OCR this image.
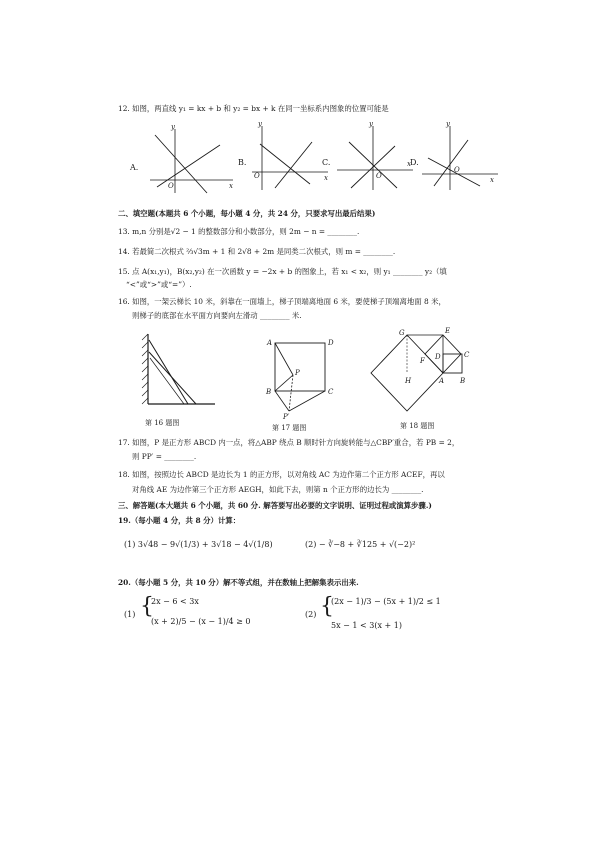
12. 如图，两直线 y₁ = kx + b 和 y₂ = bx + k 在同一坐标系内图象的位置可能是
A.
B.	C.	D.
y
x
O
y
x
O
y
x
O
y
x
O
二、填空题(本题共 6 个小题，每小题 4 分，共 24 分，只要求写出最后结果)
13. m,n 分别是√2 − 1 的整数部分和小数部分，则 2m − n = ________.
14. 若最简二次根式 ²⁄₃√3m + 1 和 2√8 + 2m 是同类二次根式，则 m = ________.
15. 点 A(x₁,y₁)，B(x₂,y₂) 在一次函数 y = −2x + b 的图象上，若 x₁ < x₂，则 y₁ ________ y₂（填
“<”或“>”或“=”）.
16. 如图，一架云梯长 10 米，斜靠在一面墙上，梯子顶端离地面 6 米，要使梯子顶端离地面 8 米，
则梯子的底部在水平面方向要向左滑动 ________ 米.
第 16 题图
A	D
B	C
P
P′
第 17 题图
G	E
F D	C
H	A B
第 18 题图
17. 如图，P 是正方形 ABCD 内一点，将△ABP 绕点 B 顺时针方向旋转能与△CBP′重合，若 PB = 2，
则 PP′ = ________.
18. 如图，按照边长 ABCD 是边长为 1 的正方形，以对角线 AC 为边作第二个正方形 ACEF，再以
对角线 AE 为边作第三个正方形 AEGH，如此下去，则第 n 个正方形的边长为 ________.
三、解答题(本大题共 6 个小题，共 60 分. 解答要写出必要的文字说明、证明过程或演算步骤.)
19.（每小题 4 分，共 8 分）计算：
(1) 3√48 − 9√(1/3) + 3√18 − 4√(1/8)	(2) − ∛−8 + ∛125 + √(−2)²
20.（每小题 5 分，共 10 分）解不等式组，并在数轴上把解集表示出来.
(1) {
2x − 6 < 3x
(x + 2)/5 − (x − 1)/4 ≥ 0
(2) {
(2x − 1)/3 − (5x + 1)/2 ≤ 1
5x − 1 < 3(x + 1)
